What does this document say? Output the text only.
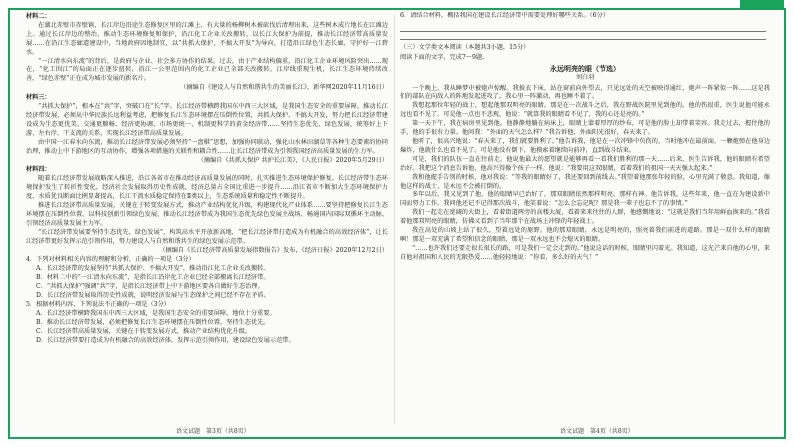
材料二：

在湖北赤壁市赤壁镇，长江岸边沿途生态修复区里的江滩上，有大量的杨柳树木被砍伐后清理出来，这些树木成片地长在江滩边上。通过长江岸边的整治，推动生态环境修复和保护，沿江化工企业关改搬转，以长江大保护为前提，推动长江经济带高质量发展……在沿江生态廊道建设中，当地政府因地制宜，以“共抓大保护，不搞大开发”为导向，打造沿江绿色生态长廊，守护好一江碧水。

“一江清水向东流”的背后，是政府与企业、社会多方协作的结果。过去，由于产业结构偏重，沿江化工企业环境风险突出……现在，“化工围江”的局面正在逐步扭转，沿江一公里范围内的化工企业已全部关改搬转，江岸线重现生机，长江生态环境持续改善，“绿色赤壁”正在成为城市发展的新名片。

（摘编自《建设人与自然和谐共生的美丽长江》，新华网2020年11月16日）

材料三：

“共抓大保护”，根本在“共”字，突破口在“长”字。长江经济带横跨我国东中西三大区域，是我国生态安全的重要屏障。推动长江经济带发展，必须从中华民族长远利益考虑，把修复长江生态环境摆在压倒性位置，共抓大保护、不搞大开发，努力把长江经济带建设成为生态更优美、交通更顺畅、经济更协调、市场更统一、机制更科学的黄金经济带……坚持生态优先、绿色发展，统筹好上下游、左右岸、干支流的关系，实现长江经济带高质量发展。

由中国一江春水向东流，推动长江经济带发展必须坚持“一盘棋”思想，加强协同联动，强化山水林田湖草等各种生态要素的协同治理，推动上中下游地区的互动协作，增强各项措施的关联性和耦合性……让长江经济带成为引领我国经济高质量发展的生力军。

（摘编自《共抓大保护 共护长江美》，《人民日报》2020年5月29日）

材料四：

随着长江经济带发展战略深入推进，沿江各省市在推动经济高质量发展的同时，扎实推进生态环境保护修复。长江经济带生态环境保护发生了转折性变化，经济社会发展取得历史性成就，经济总量占全国比重进一步提升……沿江省市不断加大生态环境保护力度，水质优良断面比例显著提高，长江干流水质稳定保持在Ⅱ类以上，生态系统质量和稳定性不断提升。

推进长江经济带高质量发展，关键在于转变发展方式，推动产业结构优化升级，构建现代化产业体系……要坚持把修复长江生态环境摆在压倒性位置，以科技创新引领绿色发展，推动长江经济带成为我国生态优先绿色发展主战场、畅通国内国际双循环主动脉、引领经济高质量发展主力军。

“长江经济带发展要坚持生态优先、绿色发展”，构筑高水平开放新高地，“把长江经济带打造成为有机融合的高效经济体”，让长江经济带更好发挥示范引领作用，努力建设人与自然和谐共生的绿色发展示范带。

（摘编自《长江经济带高质量发展指数报告》发布，《经济日报》2020年12月2日）

4．下列对材料相关内容的理解和分析，正确的一项是（3分）

A．长江经济带的发展坚持“共抓大保护、不搞大开发”，推动沿江化工企业关改搬转。

B．材料二中的“一江清水向东流”，是指长江沿岸化工企业已经全部搬离长江经济带。

C．“共抓大保护”强调“共”字，是指长江经济带上中下游地区要各自做好生态治理。

D．长江经济带发展取得历史性成就，说明经济发展与生态保护之间已经不存在矛盾。

5．根据材料内容，下列说法不正确的一项是（3分）

A．长江经济带横跨我国东中西三大区域，是我国生态安全的重要屏障，地位十分重要。

B．推动长江经济带发展，必须把修复长江生态环境摆在压倒性位置，坚持生态优先。

C．长江经济带高质量发展，关键在于转变发展方式，推动产业结构优化升级。

D．长江经济带要打造成为有机融合的高效经济体，发挥示范引领作用，建设绿色发展示范带。

6．请结合材料，概括我国在建设长江经济带中需要处理好哪些关系。（6分）

（三）文学类文本阅读（本题共3小题，15分）

阅读下面的文字，完成7～9题。

永远明亮的眼（节选）

刘白羽

一个晚上，我从睡梦中被炮声惊醒。我披衣下床，站在窗前向外望去，只见远处的天空被映得通红，炮声一阵紧似一阵……这是我们的部队在向敌人的阵地发起进攻了。我心里一阵激动，再也睡不着了。

我想起那位年轻的战士，想起他那双明亮的眼睛。那是在一次战斗之后，我在野战医院里见到他的。他的伤很重，医生说他可能永远也看不见了。可是他一点也不悲观，他说：“就算我的眼睛看不见了，我的心还是亮的。”

第一天下午，我在病房里见到他。他静静地躺在病床上，眼睛上蒙着厚厚的纱布，可是他的脸上却带着笑容。我走过去，握住他的手，他的手很有力量。他问我：“外面的天气怎么样？”我告诉他，外面阳光很好，春天来了。

他听了，很高兴地说：“春天来了，我们就要胜利了。”他告诉我，他是在一次冲锋中负伤的，当时他冲在最前面，一颗炮弹在他身边爆炸，他就什么也看不见了。可是他没有倒下，他摸索着继续向前冲，直到战斗结束。

可是，我们的队伍一直在往前走。他说他最大的愿望就是能够再看一看我们胜利的那一天……后来，医生告诉我，他的眼睛有希望治好。我把这个消息告诉他，他高兴得像个孩子一样。他说：“我要用这双眼睛，看着我们的祖国一天天强大起来。”

我和他握手告别的时候，他对我说：“等我的眼睛好了，我还要回到前线去。”我望着他那张年轻的脸，心里充满了敬意。我知道，像他这样的战士，是永远不会被打倒的。

多年以后，我又见到了他。他的眼睛早已治好了，那双眼睛依然那样明亮，那样有神。他告诉我，这些年来，他一直在为建设新中国而努力工作。我问他还记不记得那次战斗，他笑着说：“怎么会忘记呢？那是我一辈子也忘不了的事情。”

我们一起走在宽阔的大街上，看着街道两旁的高楼大厦，看着来来往往的人群，他感慨地说：“这就是我们当年用鲜血换来的。”我看着他那双明亮的眼睛，仿佛又看到了当年那个在战场上冲锋的年轻战士。

我在高处的山坡上站了很久，望着远处的原野。他的那双眼睛，永远是明亮的，照亮着我们前进的道路。那是一双什么样的眼睛啊！那是一双充满了希望和信念的眼睛，那是一双永远也不会熄灭的眼睛。

“……也许我们还要走很长很长的路，可是我们一定会走到的。”他说这话的时候，眼睛里闪着光。我知道，这光芒来自他的心里，来自他对祖国和人民的无限热爱……他轻轻地说：“你看，多么好的天气！”

语文试题　第3页（共8页）	语文试题　第4页（共8页）
